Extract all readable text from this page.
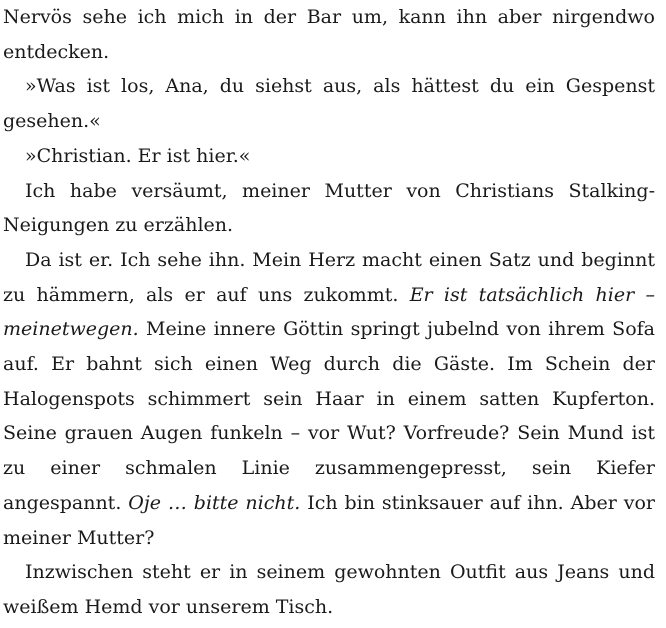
Nervös sehe ich mich in der Bar um, kann ihn aber nirgendwo entdecken.

»Was ist los, Ana, du siehst aus, als hättest du ein Gespenst gesehen.«

»Christian. Er ist hier.«

Ich habe versäumt, meiner Mutter von Christians Stalking-Neigungen zu erzählen.

Da ist er. Ich sehe ihn. Mein Herz macht einen Satz und beginnt zu hämmern, als er auf uns zukommt. Er ist tatsächlich hier – meinetwegen. Meine innere Göttin springt jubelnd von ihrem Sofa auf. Er bahnt sich einen Weg durch die Gäste. Im Schein der Halogenspots schimmert sein Haar in einem satten Kupferton. Seine grauen Augen funkeln – vor Wut? Vorfreude? Sein Mund ist zu einer schmalen Linie zusammengepresst, sein Kiefer angespannt. Oje … bitte nicht. Ich bin stinksauer auf ihn. Aber vor meiner Mutter?

Inzwischen steht er in seinem gewohnten Outfit aus Jeans und weißem Hemd vor unserem Tisch.
